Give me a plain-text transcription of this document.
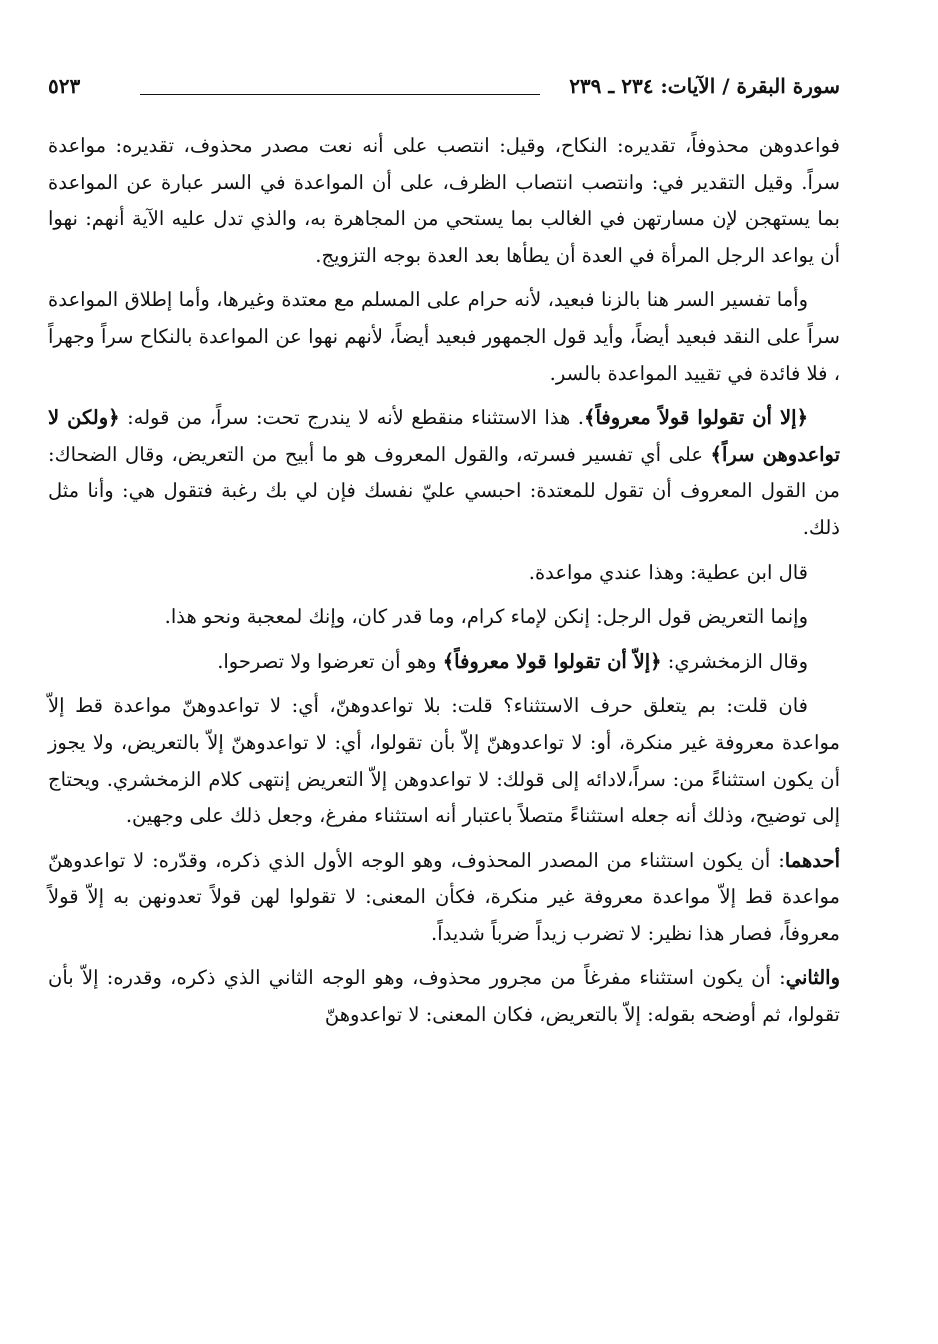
سورة البقرة / الآيات: ٢٣٤ ـ ٢٣٩
٥٢٣

فواعدوهن محذوفاً، تقديره: النكاح، وقيل: انتصب على أنه نعت مصدر محذوف، تقديره: مواعدة سراً. وقيل التقدير في: وانتصب انتصاب الظرف، على أن المواعدة في السر عبارة عن المواعدة بما يستهجن لإن مسارتهن في الغالب بما يستحي من المجاهرة به، والذي تدل عليه الآية أنهم: نهوا أن يواعد الرجل المرأة في العدة أن يطأها بعد العدة بوجه التزويج.

وأما تفسير السر هنا بالزنا فبعيد، لأنه حرام على المسلم مع معتدة وغيرها، وأما إطلاق المواعدة سراً على النقد فبعيد أيضاً، وأيد قول الجمهور فبعيد أيضاً، لأنهم نهوا عن المواعدة بالنكاح سراً وجهراً ، فلا فائدة في تقييد المواعدة بالسر.

﴿إلا أن تقولوا قولاً معروفاً﴾. هذا الاستثناء منقطع لأنه لا يندرج تحت: سراً، من قوله: ﴿ولكن لا تواعدوهن سراً﴾ على أي تفسير فسرته، والقول المعروف هو ما أبيح من التعريض، وقال الضحاك: من القول المعروف أن تقول للمعتدة: احبسي عليّ نفسك فإن لي بك رغبة فتقول هي: وأنا مثل ذلك.

قال ابن عطية: وهذا عندي مواعدة.

وإنما التعريض قول الرجل: إنكن لإماء كرام، وما قدر كان، وإنك لمعجبة ونحو هذا.

وقال الزمخشري: ﴿إلاّ أن تقولوا قولا معروفاً﴾ وهو أن تعرضوا ولا تصرحوا.

فان قلت: بم يتعلق حرف الاستثناء؟ قلت: بلا تواعدوهنّ، أي: لا تواعدوهنّ مواعدة قط إلاّ مواعدة معروفة غير منكرة، أو: لا تواعدوهنّ إلاّ بأن تقولوا، أي: لا تواعدوهنّ إلاّ بالتعريض، ولا يجوز أن يكون استثناءً من: سراً،لادائه إلى قولك: لا تواعدوهن إلاّ التعريض إنتهى كلام الزمخشري. ويحتاج إلى توضيح، وذلك أنه جعله استثناءً متصلاً باعتبار أنه استثناء مفرغ، وجعل ذلك على وجهين.

أحدهما: أن يكون استثناء من المصدر المحذوف، وهو الوجه الأول الذي ذكره، وقدّره: لا تواعدوهنّ مواعدة قط إلاّ مواعدة معروفة غير منكرة، فكأن المعنى: لا تقولوا لهن قولاً تعدونهن به إلاّ قولاً معروفاً، فصار هذا نظير: لا تضرب زيداً ضرباً شديداً.

والثاني: أن يكون استثناء مفرغاً من مجرور محذوف، وهو الوجه الثاني الذي ذكره، وقدره: إلاّ بأن تقولوا، ثم أوضحه بقوله: إلاّ بالتعريض، فكان المعنى: لا تواعدوهنّ
